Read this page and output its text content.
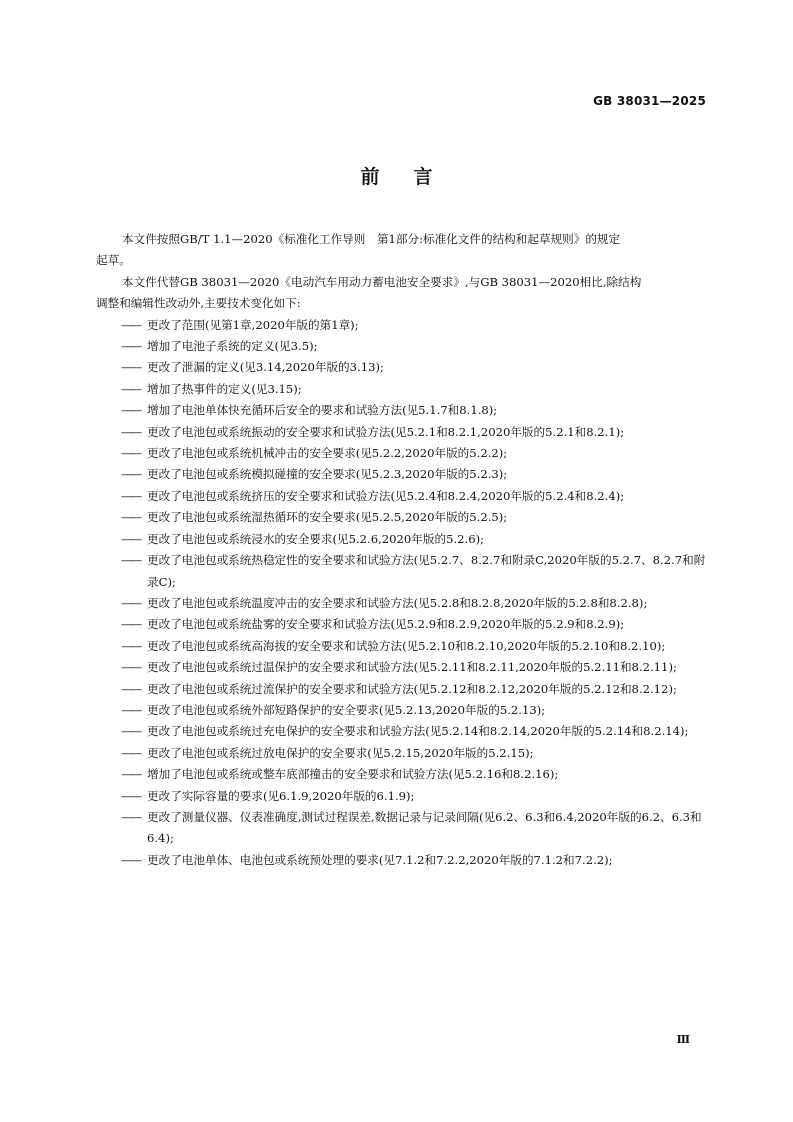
GB 38031—2025
前言

本文件按照GB/T 1.1—2020《标准化工作导则　第1部分:标准化文件的结构和起草规则》的规定
起草。

本文件代替GB 38031—2020《电动汽车用动力蓄电池安全要求》,与GB 38031—2020相比,除结构
调整和编辑性改动外,主要技术变化如下:

—— 更改了范围(见第1章,2020年版的第1章);
—— 增加了电池子系统的定义(见3.5);
—— 更改了泄漏的定义(见3.14,2020年版的3.13);
—— 增加了热事件的定义(见3.15);
—— 增加了电池单体快充循环后安全的要求和试验方法(见5.1.7和8.1.8);
—— 更改了电池包或系统振动的安全要求和试验方法(见5.2.1和8.2.1,2020年版的5.2.1和8.2.1);
—— 更改了电池包或系统机械冲击的安全要求(见5.2.2,2020年版的5.2.2);
—— 更改了电池包或系统模拟碰撞的安全要求(见5.2.3,2020年版的5.2.3);
—— 更改了电池包或系统挤压的安全要求和试验方法(见5.2.4和8.2.4,2020年版的5.2.4和8.2.4);
—— 更改了电池包或系统湿热循环的安全要求(见5.2.5,2020年版的5.2.5);
—— 更改了电池包或系统浸水的安全要求(见5.2.6,2020年版的5.2.6);
—— 更改了电池包或系统热稳定性的安全要求和试验方法(见5.2.7、8.2.7和附录C,2020年版的5.2.7、8.2.7和附录C);
—— 更改了电池包或系统温度冲击的安全要求和试验方法(见5.2.8和8.2.8,2020年版的5.2.8和8.2.8);
—— 更改了电池包或系统盐雾的安全要求和试验方法(见5.2.9和8.2.9,2020年版的5.2.9和8.2.9);
—— 更改了电池包或系统高海拔的安全要求和试验方法(见5.2.10和8.2.10,2020年版的5.2.10和8.2.10);
—— 更改了电池包或系统过温保护的安全要求和试验方法(见5.2.11和8.2.11,2020年版的5.2.11和8.2.11);
—— 更改了电池包或系统过流保护的安全要求和试验方法(见5.2.12和8.2.12,2020年版的5.2.12和8.2.12);
—— 更改了电池包或系统外部短路保护的安全要求(见5.2.13,2020年版的5.2.13);
—— 更改了电池包或系统过充电保护的安全要求和试验方法(见5.2.14和8.2.14,2020年版的5.2.14和8.2.14);
—— 更改了电池包或系统过放电保护的安全要求(见5.2.15,2020年版的5.2.15);
—— 增加了电池包或系统或整车底部撞击的安全要求和试验方法(见5.2.16和8.2.16);
—— 更改了实际容量的要求(见6.1.9,2020年版的6.1.9);
—— 更改了测量仪器、仪表准确度,测试过程误差,数据记录与记录间隔(见6.2、6.3和6.4,2020年版的6.2、6.3和6.4);
—— 更改了电池单体、电池包或系统预处理的要求(见7.1.2和7.2.2,2020年版的7.1.2和7.2.2);
Ⅲ
